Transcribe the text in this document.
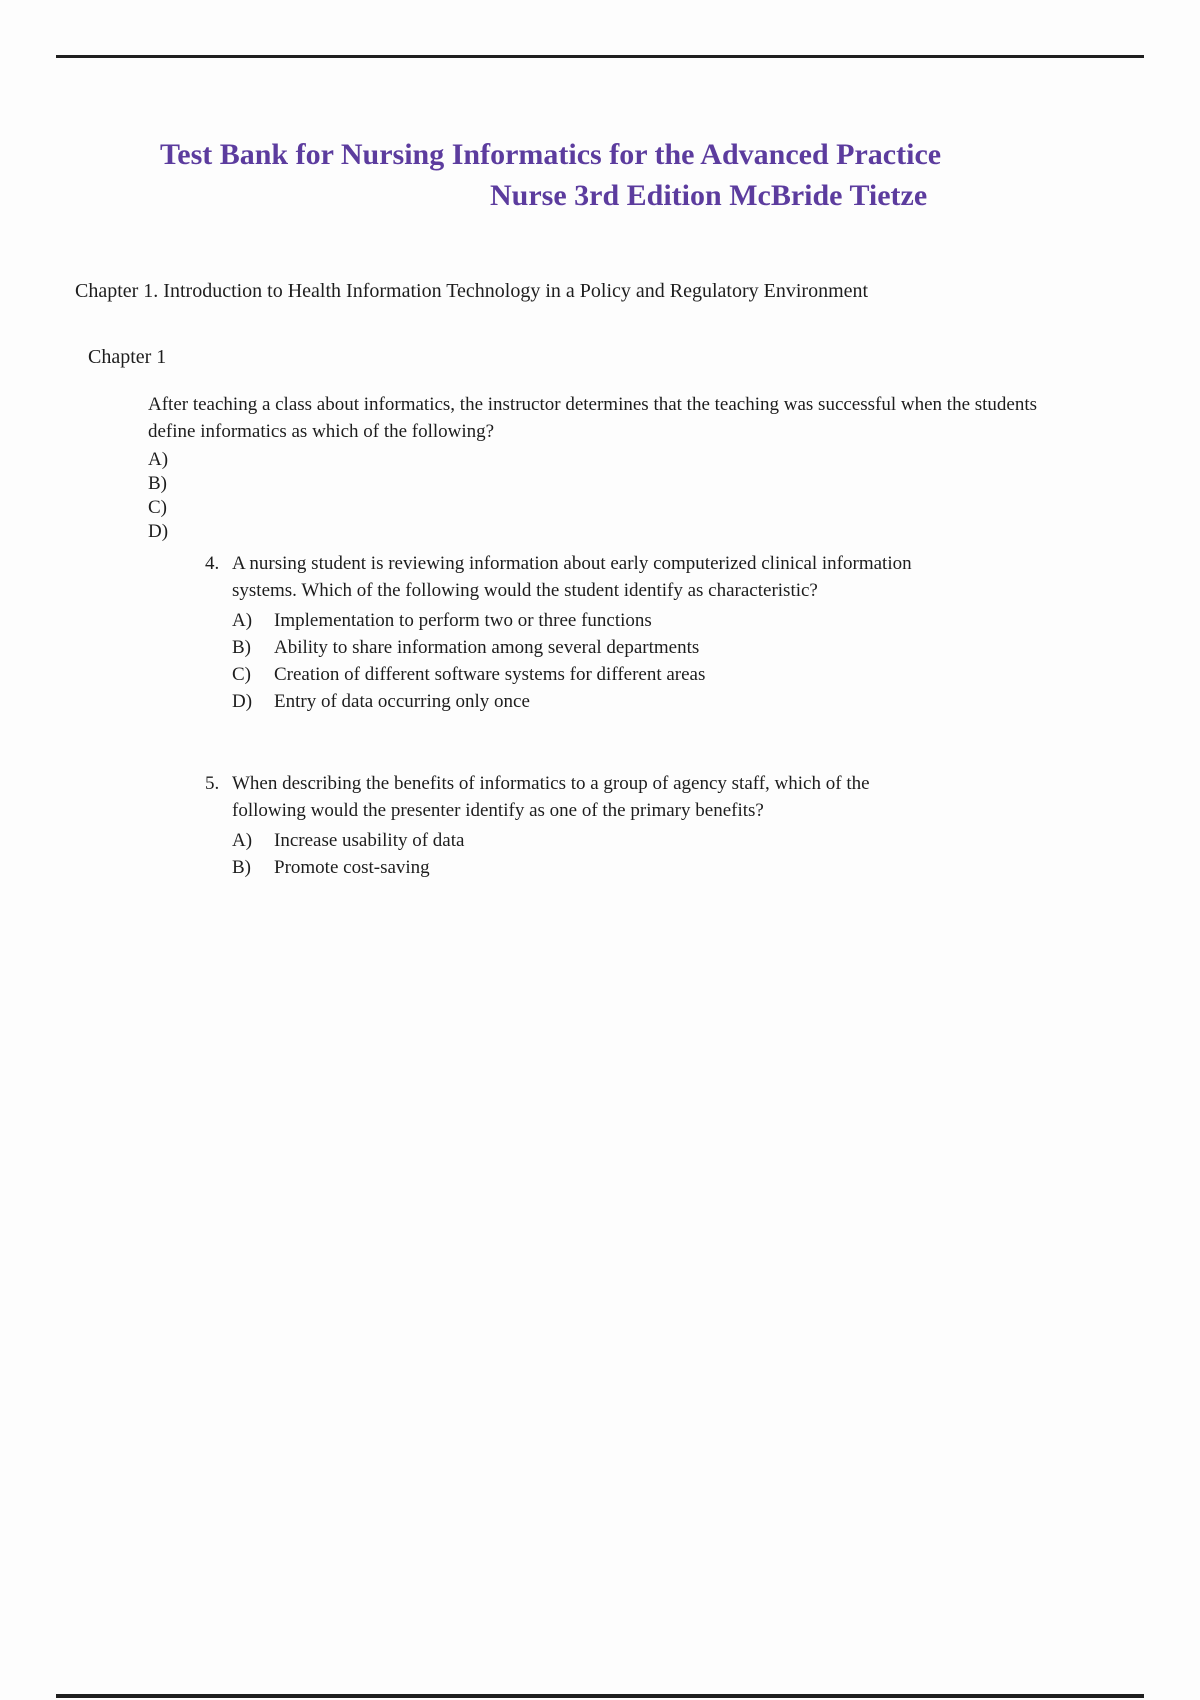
Test Bank for Nursing Informatics for the Advanced Practice
Nurse 3rd Edition McBride Tietze
Chapter 1. Introduction to Health Information Technology in a Policy and Regulatory Environment
Chapter 1
After teaching a class about informatics, the instructor determines that the teaching was successful when the students define informatics as which of the following?
A)
B)
C)
D)
4. A nursing student is reviewing information about early computerized clinical information systems. Which of the following would the student identify as characteristic?
A)	Implementation to perform two or three functions
B)	Ability to share information among several departments
C)	Creation of different software systems for different areas
D)	Entry of data occurring only once
5. When describing the benefits of informatics to a group of agency staff, which of the following would the presenter identify as one of the primary benefits?
A)	Increase usability of data
B)	Promote cost-saving
